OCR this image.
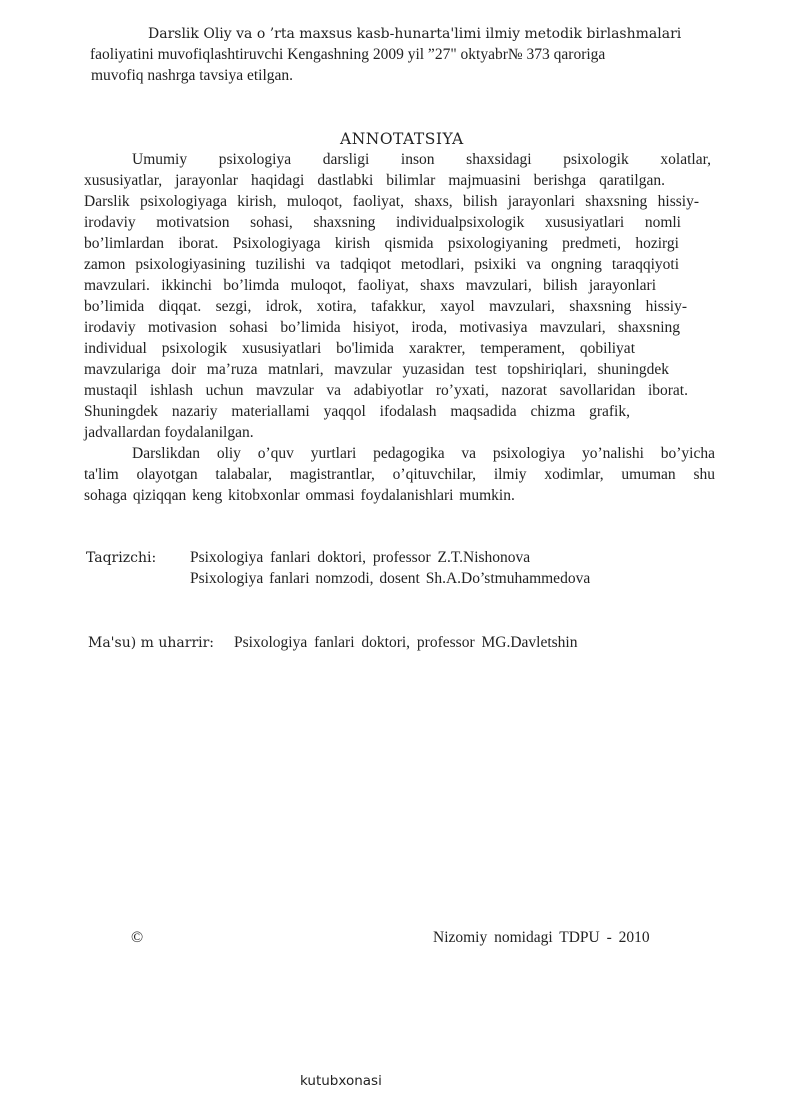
Darslik Oliy va o ’rta maxsus kasb-hunarta'limi ilmiy metodik birlashmalari
faoliyatini muvofiqlashtiruvchi Kengashning 2009 yil ”27" oktyabr№ 373 qaroriga
muvofiq nashrga tavsiya etilgan.
ANNOTATSIYA
Umumiy psixologiya darsligi inson shaxsidagi psixologik xolatlar,
xususiyatlar, jarayonlar haqidagi dastlabki bilimlar majmuasini berishga qaratilgan.
Darslik psixologiyaga kirish, muloqot, faoliyat, shaxs, bilish jarayonlari shaxsning hissiy-
irodaviy motivatsion sohasi, shaxsning individualpsixologik xususiyatlari nomli
bo’limlardan iborat. Psixologiyaga kirish qismida psixologiyaning predmeti, hozirgi
zamon psixologiyasining tuzilishi va tadqiqot metodlari, psixiki va ongning taraqqiyoti
mavzulari. ikkinchi bo’limda muloqot, faoliyat, shaxs mavzulari, bilish jarayonlari
bo’limida diqqat. sezgi, idrok, xotira, tafakkur, xayol mavzulari, shaxsning hissiy-
irodaviy motivasion sohasi bo’limida hisiyot, iroda, motivasiya mavzulari, shaxsning
individual psixologik xususiyatlari bo'limida xarakтer, temperament, qobiliyat
mavzulariga doir ma’ruza matnlari, mavzular yuzasidan test topshiriqlari, shuningdek
mustaqil ishlash uchun mavzular va adabiyotlar ro’yxati, nazorat savollaridan iborat.
Shuningdek nazariy materiallami yaqqol ifodalash maqsadida chizma grafik,
jadvallardan foydalanilgan.
Darslikdan oliy o’quv yurtlari pedagogika va psixologiya yo’nalishi bo’yicha
ta'lim olayotgan talabalar, magistrantlar, o’qituvchilar, ilmiy xodimlar, umuman shu
sohaga qiziqqan keng kitobxonlar ommasi foydalanishlari mumkin.
Taqrizchi: Psixologiya fanlari doktori, professor Z.T.Nishonova
Psixologiya fanlari nomzodi, dosent Sh.A.Do’stmuhammedova
Ma'su) m uharrir: Psixologiya fanlari doktori, professor MG.Davletshin
©	Nizomiy nomidagi TDPU - 2010
kutubxonasi
